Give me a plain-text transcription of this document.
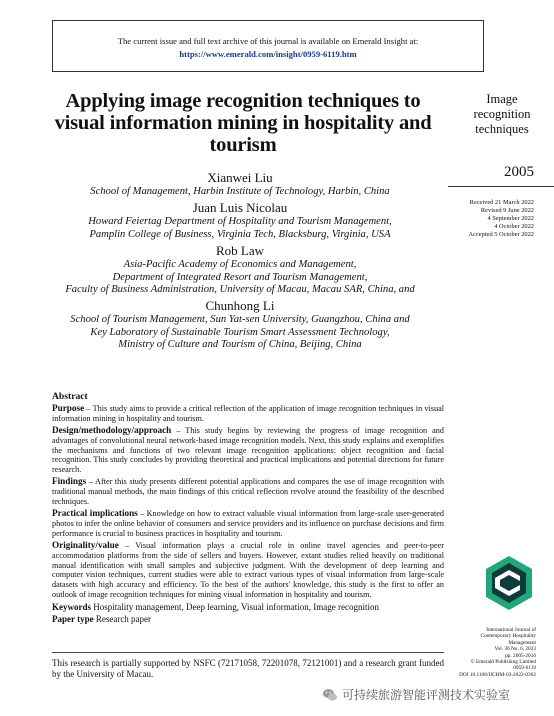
The current issue and full text archive of this journal is available on Emerald Insight at:
https://www.emerald.com/insight/0959-6119.htm
Applying image recognition techniques to visual information mining in hospitality and tourism
Image recognition techniques
2005
Received 21 March 2022
Revised 9 June 2022
4 September 2022
4 October 2022
Accepted 5 October 2022
Xianwei Liu
School of Management, Harbin Institute of Technology, Harbin, China
Juan Luis Nicolau
Howard Feiertag Department of Hospitality and Tourism Management,
Pamplin College of Business, Virginia Tech, Blacksburg, Virginia, USA
Rob Law
Asia-Pacific Academy of Economics and Management,
Department of Integrated Resort and Tourism Management,
Faculty of Business Administration, University of Macau, Macau SAR, China, and
Chunhong Li
School of Tourism Management, Sun Yat-sen University, Guangzhou, China and
Key Laboratory of Sustainable Tourism Smart Assessment Technology,
Ministry of Culture and Tourism of China, Beijing, China
Abstract
Purpose – This study aims to provide a critical reflection of the application of image recognition techniques in visual information mining in hospitality and tourism.
Design/methodology/approach – This study begins by reviewing the progress of image recognition and advantages of convolutional neural network-based image recognition models. Next, this study explains and exemplifies the mechanisms and functions of two relevant image recognition applications: object recognition and facial recognition. This study concludes by providing theoretical and practical implications and potential directions for future research.
Findings – After this study presents different potential applications and compares the use of image recognition with traditional manual methods, the main findings of this critical reflection revolve around the feasibility of the described techniques.
Practical implications – Knowledge on how to extract valuable visual information from large-scale user-generated photos to infer the online behavior of consumers and service providers and its influence on purchase decisions and firm performance is crucial to business practices in hospitality and tourism.
Originality/value – Visual information plays a crucial role in online travel agencies and peer-to-peer accommodation platforms from the side of sellers and buyers. However, extant studies relied heavily on traditional manual identification with small samples and subjective judgment. With the development of deep learning and computer vision techniques, current studies were able to extract various types of visual information from large-scale datasets with high accuracy and efficiency. To the best of the authors' knowledge, this study is the first to offer an outlook of image recognition techniques for mining visual information in hospitality and tourism.
Keywords Hospitality management, Deep learning, Visual information, Image recognition
Paper type Research paper
International Journal of
Contemporary Hospitality
Management
Vol. 36 No. 6, 2023
pp. 2005-2016
© Emerald Publishing Limited
0959-6119
DOI 10.1108/IJCHM-03-2022-0362
This research is partially supported by NSFC (72171058, 72201078, 72121001) and a research grant funded by the University of Macau.
可持续旅游智能评测技术实验室
